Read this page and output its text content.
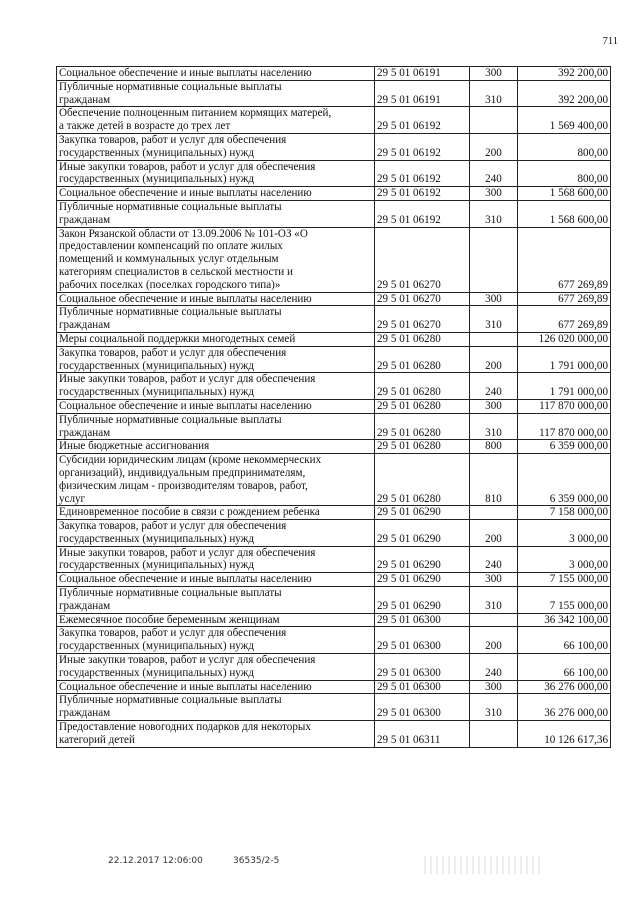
711
Социальное обеспечение и иные выплаты населению	29 5 01 06191	300	392 200,00
Публичные нормативные социальные выплаты
гражданам	29 5 01 06191	310	392 200,00
Обеспечение полноценным питанием кормящих матерей,
а также детей в возрасте до трех лет	29 5 01 06192		1 569 400,00
Закупка товаров, работ и услуг для обеспечения
государственных (муниципальных) нужд	29 5 01 06192	200	800,00
Иные закупки товаров, работ и услуг для обеспечения
государственных (муниципальных) нужд	29 5 01 06192	240	800,00
Социальное обеспечение и иные выплаты населению	29 5 01 06192	300	1 568 600,00
Публичные нормативные социальные выплаты
гражданам	29 5 01 06192	310	1 568 600,00
Закон Рязанской области от 13.09.2006 № 101-ОЗ «О
предоставлении компенсаций по оплате жилых
помещений и коммунальных услуг отдельным
категориям специалистов в сельской местности и
рабочих поселках (поселках городского типа)»	29 5 01 06270		677 269,89
Социальное обеспечение и иные выплаты населению	29 5 01 06270	300	677 269,89
Публичные нормативные социальные выплаты
гражданам	29 5 01 06270	310	677 269,89
Меры социальной поддержки многодетных семей	29 5 01 06280		126 020 000,00
Закупка товаров, работ и услуг для обеспечения
государственных (муниципальных) нужд	29 5 01 06280	200	1 791 000,00
Иные закупки товаров, работ и услуг для обеспечения
государственных (муниципальных) нужд	29 5 01 06280	240	1 791 000,00
Социальное обеспечение и иные выплаты населению	29 5 01 06280	300	117 870 000,00
Публичные нормативные социальные выплаты
гражданам	29 5 01 06280	310	117 870 000,00
Иные бюджетные ассигнования	29 5 01 06280	800	6 359 000,00
Субсидии юридическим лицам (кроме некоммерческих
организаций), индивидуальным предпринимателям,
физическим лицам - производителям товаров, работ,
услуг	29 5 01 06280	810	6 359 000,00
Единовременное пособие в связи с рождением ребенка	29 5 01 06290		7 158 000,00
Закупка товаров, работ и услуг для обеспечения
государственных (муниципальных) нужд	29 5 01 06290	200	3 000,00
Иные закупки товаров, работ и услуг для обеспечения
государственных (муниципальных) нужд	29 5 01 06290	240	3 000,00
Социальное обеспечение и иные выплаты населению	29 5 01 06290	300	7 155 000,00
Публичные нормативные социальные выплаты
гражданам	29 5 01 06290	310	7 155 000,00
Ежемесячное пособие беременным женщинам	29 5 01 06300		36 342 100,00
Закупка товаров, работ и услуг для обеспечения
государственных (муниципальных) нужд	29 5 01 06300	200	66 100,00
Иные закупки товаров, работ и услуг для обеспечения
государственных (муниципальных) нужд	29 5 01 06300	240	66 100,00
Социальное обеспечение и иные выплаты населению	29 5 01 06300	300	36 276 000,00
Публичные нормативные социальные выплаты
гражданам	29 5 01 06300	310	36 276 000,00
Предоставление новогодних подарков для некоторых
категорий детей	29 5 01 06311		10 126 617,36
22.12.2017 12:06:00	36535/2-5
